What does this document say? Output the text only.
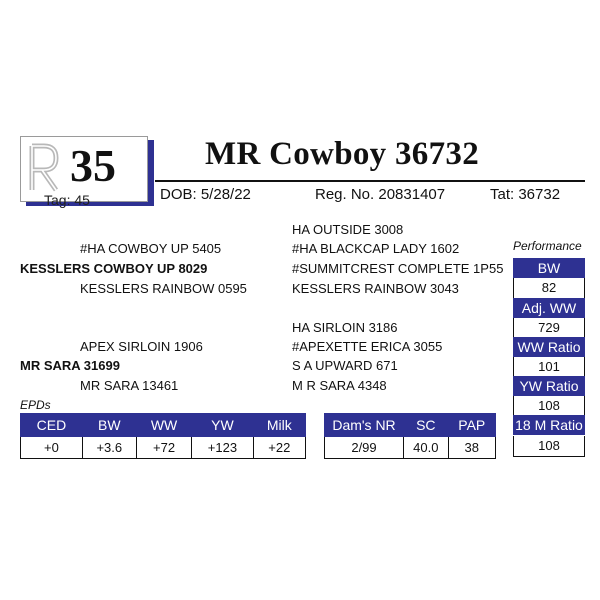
35
Tag: 45
MR Cowboy 36732
DOB: 5/28/22	Reg. No. 20831407	Tat: 36732
HA OUTSIDE 3008
#HA COWBOY UP 5405	#HA BLACKCAP LADY 1602
KESSLERS COWBOY UP 8029	#SUMMITCREST COMPLETE 1P55
KESSLERS RAINBOW 0595	KESSLERS RAINBOW 3043
HA SIRLOIN 3186
APEX SIRLOIN 1906	#APEXETTE ERICA 3055
MR SARA 31699	S A UPWARD 671
MR SARA 13461	M R SARA 4348
Performance
BW
82
Adj. WW
729
WW Ratio
101
YW Ratio
108
18 M Ratio
108
EPDs
CED	BW	WW	YW	Milk
+0	+3.6	+72	+123	+22
Dam's NR	SC	PAP
2/99	40.0	38
